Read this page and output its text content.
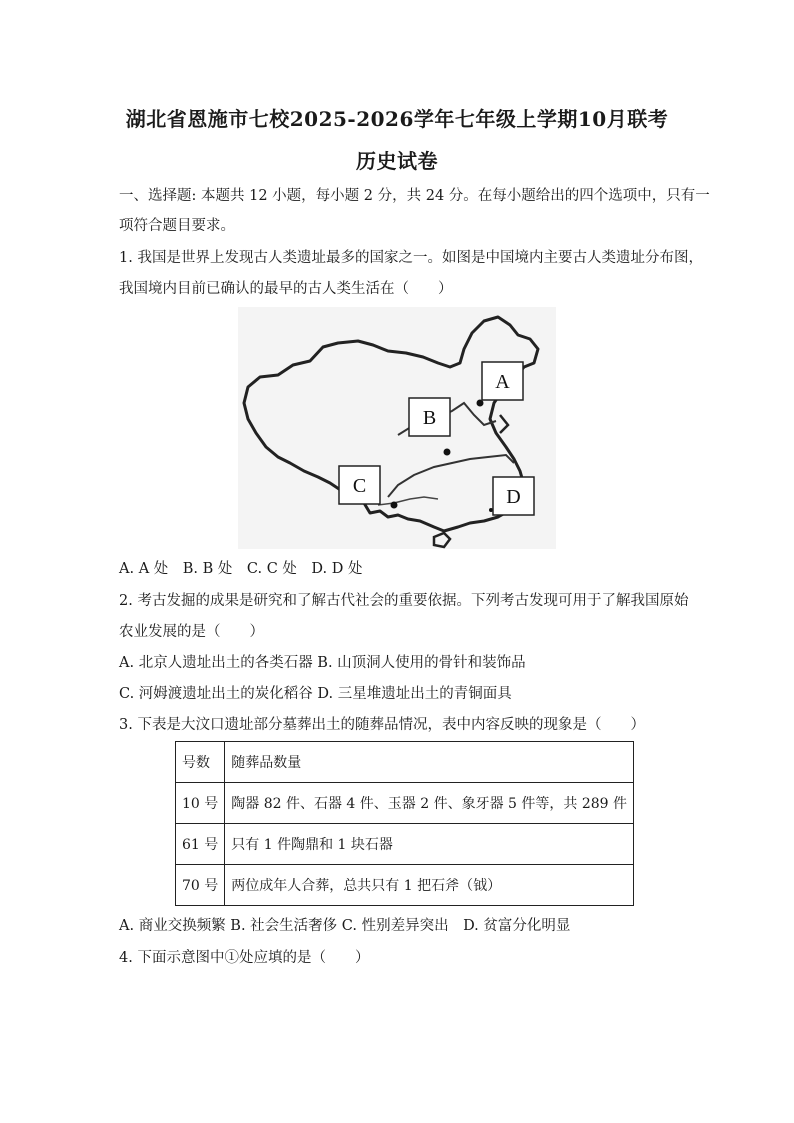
湖北省恩施市七校2025-2026学年七年级上学期10月联考
历史试卷
一、选择题: 本题共 12 小题，每小题 2 分，共 24 分。在每小题给出的四个选项中，只有一
项符合题目要求。
1. 我国是世界上发现古人类遗址最多的国家之一。如图是中国境内主要古人类遗址分布图，
我国境内目前已确认的最早的古人类生活在（　　）
A
B
C	D
A. A 处　B. B 处　C. C 处　D. D 处
2. 考古发掘的成果是研究和了解古代社会的重要依据。下列考古发现可用于了解我国原始
农业发展的是（　　）
A. 北京人遗址出土的各类石器 B. 山顶洞人使用的骨针和装饰品
C. 河姆渡遗址出土的炭化稻谷 D. 三星堆遗址出土的青铜面具
3. 下表是大汶口遗址部分墓葬出土的随葬品情况，表中内容反映的现象是（　　）
号数	随葬品数量
10 号	陶器 82 件、石器 4 件、玉器 2 件、象牙器 5 件等，共 289 件
61 号	只有 1 件陶鼎和 1 块石器
70 号	两位成年人合葬，总共只有 1 把石斧（钺）
A. 商业交换频繁 B. 社会生活奢侈 C. 性别差异突出　D. 贫富分化明显
4. 下面示意图中①处应填的是（　　）
